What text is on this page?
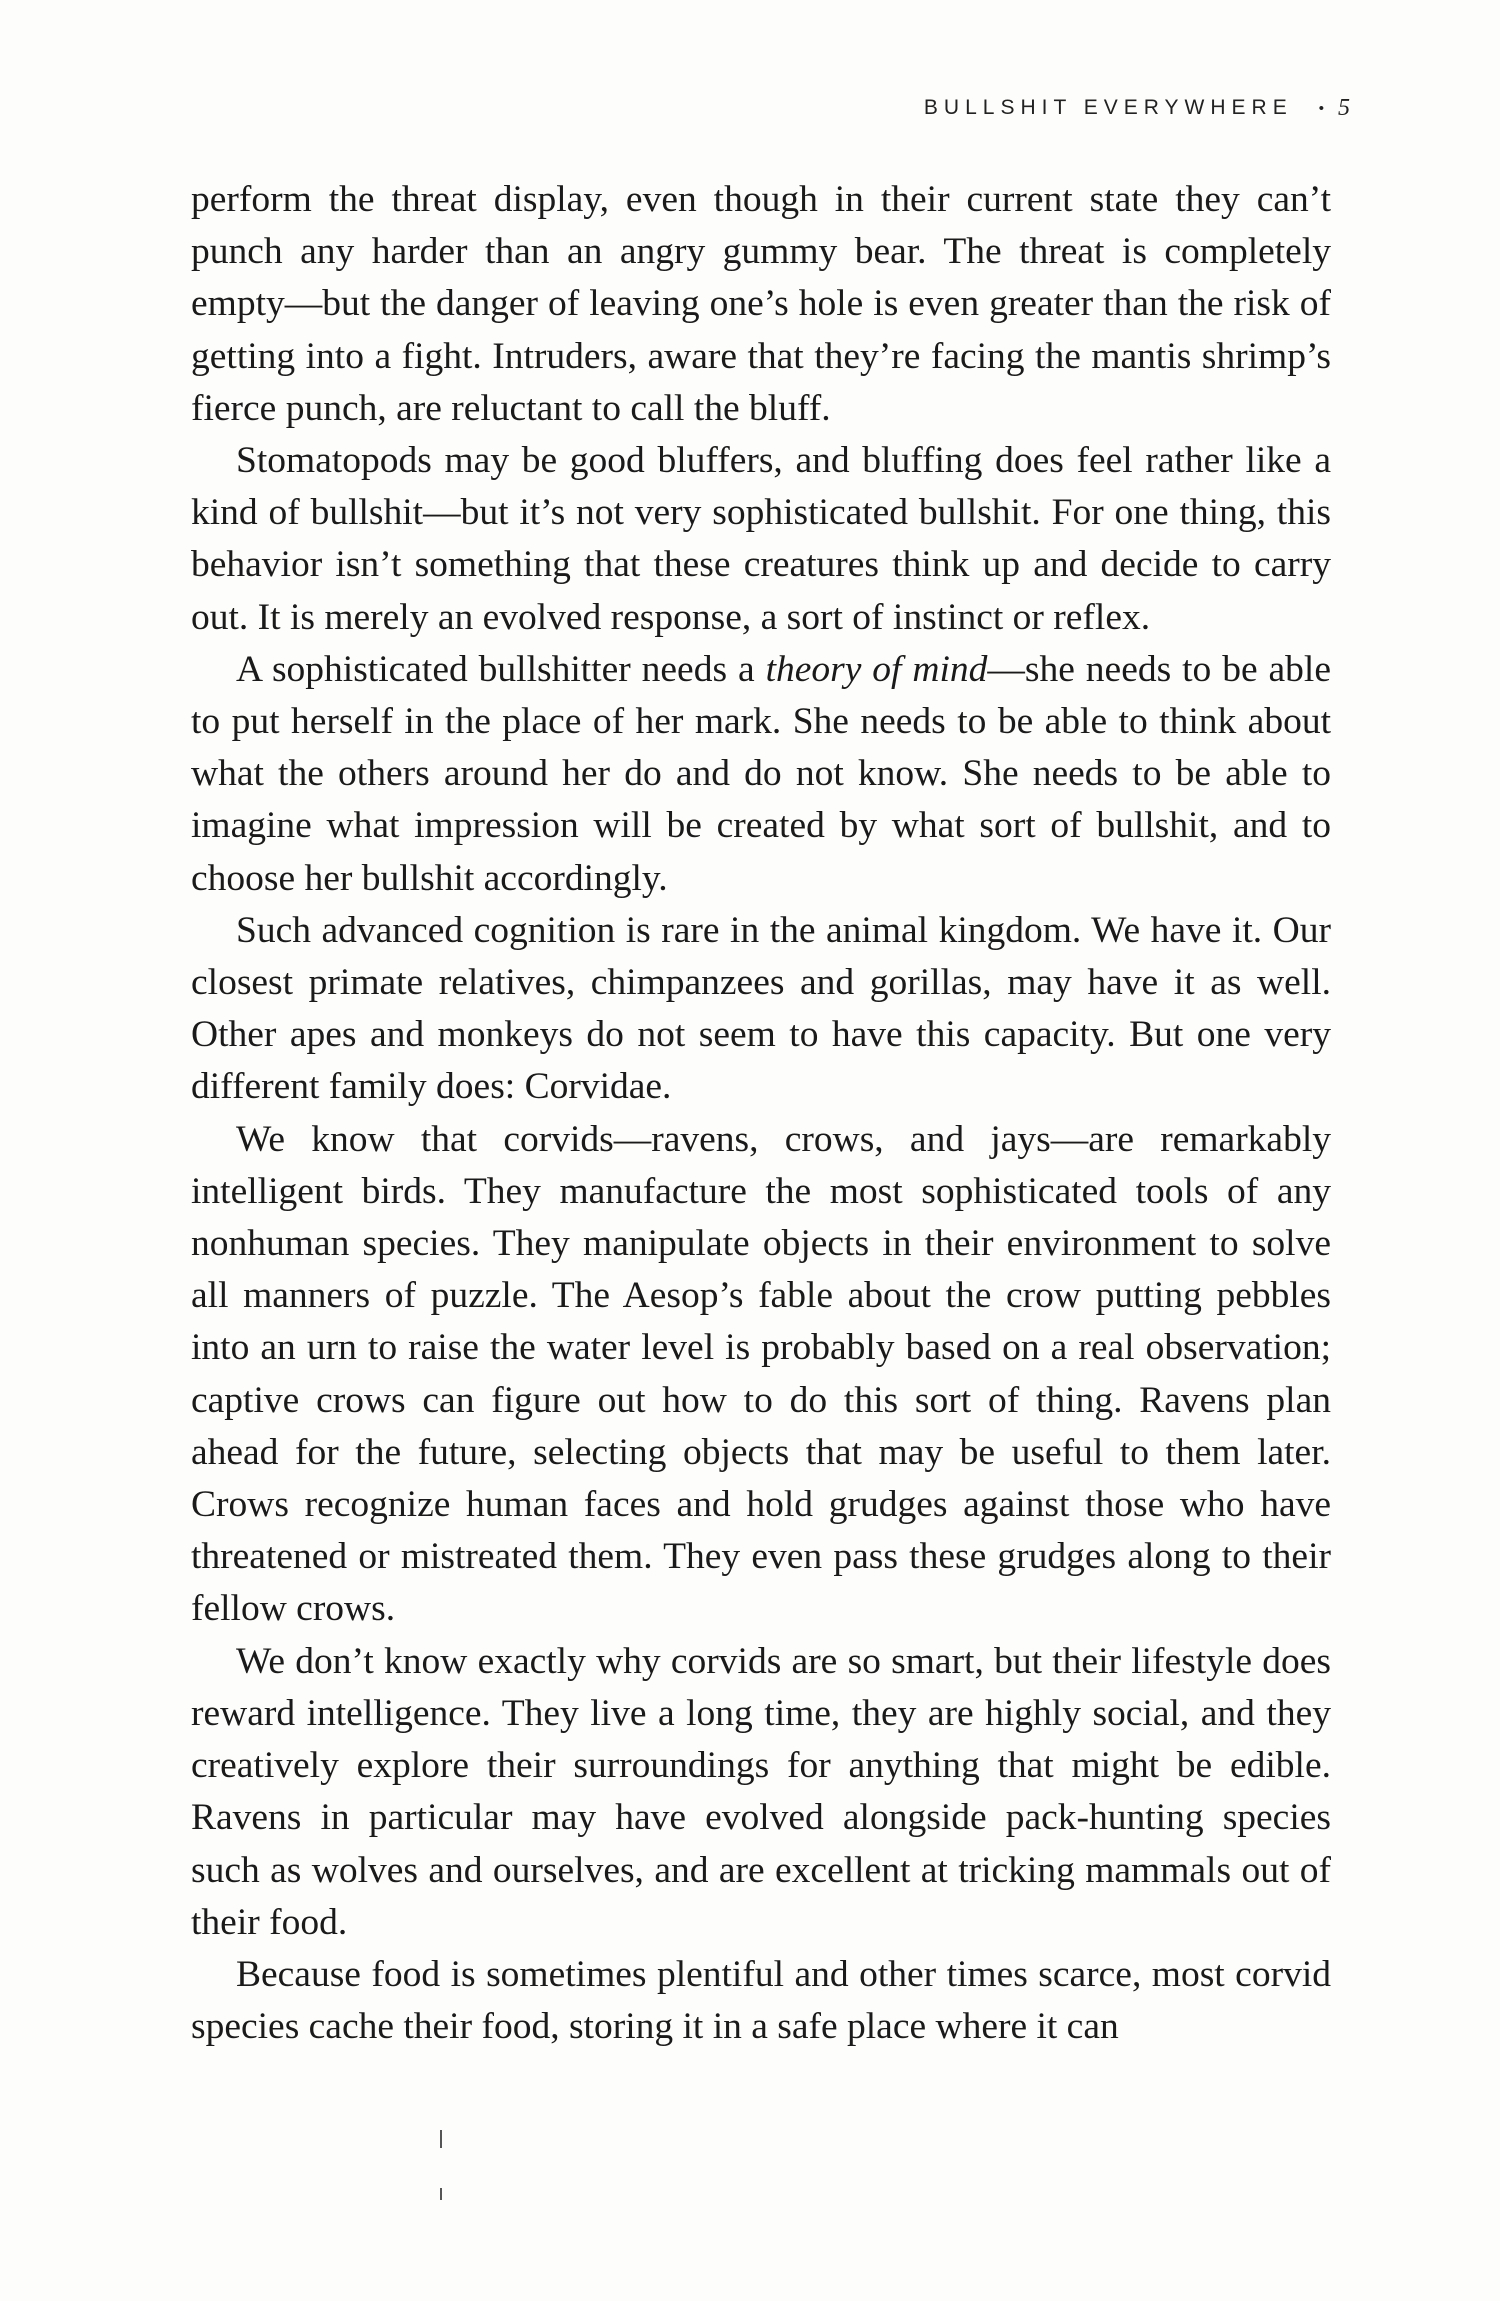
BULLSHIT EVERYWHERE • 5

perform the threat display, even though in their current state they can’t punch any harder than an angry gummy bear. The threat is completely empty—but the danger of leaving one’s hole is even greater than the risk of getting into a fight. Intruders, aware that they’re facing the mantis shrimp’s fierce punch, are reluctant to call the bluff.

Stomatopods may be good bluffers, and bluffing does feel rather like a kind of bullshit—but it’s not very sophisticated bullshit. For one thing, this behavior isn’t something that these creatures think up and decide to carry out. It is merely an evolved response, a sort of instinct or reflex.

A sophisticated bullshitter needs a theory of mind—she needs to be able to put herself in the place of her mark. She needs to be able to think about what the others around her do and do not know. She needs to be able to imagine what impression will be created by what sort of bullshit, and to choose her bullshit accordingly.

Such advanced cognition is rare in the animal kingdom. We have it. Our closest primate relatives, chimpanzees and gorillas, may have it as well. Other apes and monkeys do not seem to have this capacity. But one very different family does: Corvidae.

We know that corvids—ravens, crows, and jays—are remarkably intelligent birds. They manufacture the most sophisticated tools of any nonhuman species. They manipulate objects in their environment to solve all manners of puzzle. The Aesop’s fable about the crow putting pebbles into an urn to raise the water level is probably based on a real observation; captive crows can figure out how to do this sort of thing. Ravens plan ahead for the future, selecting objects that may be useful to them later. Crows recognize human faces and hold grudges against those who have threatened or mistreated them. They even pass these grudges along to their fellow crows.

We don’t know exactly why corvids are so smart, but their lifestyle does reward intelligence. They live a long time, they are highly social, and they creatively explore their surroundings for anything that might be edible. Ravens in particular may have evolved alongside pack-hunting species such as wolves and ourselves, and are excellent at tricking mammals out of their food.

Because food is sometimes plentiful and other times scarce, most corvid species cache their food, storing it in a safe place where it can
